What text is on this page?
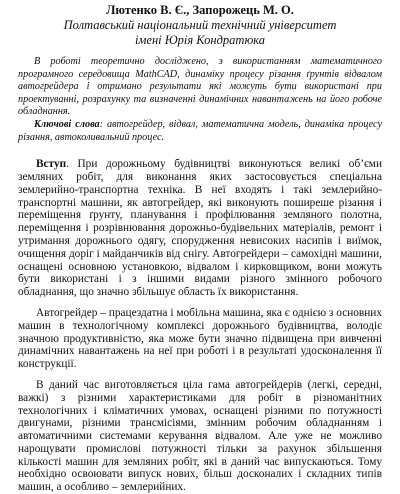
Лютенко В. Є., Запорожець М. О.

Полтавський національний технічний університет

імені Юрія Кондратюка

В роботі теоретично досліджено, з використанням математичного програмного середовища MathCAD, динаміку процесу різання ґрунтів відвалом автогрейдера і отримано результати які можуть бути використані при проектуванні, розрахунку та визначенні динамічних навантажень на його робоче обладнання.

Ключові слова: автогрейдер, відвал, математична модель, динаміка процесу різання, автоколивальний процес.

Вступ. При дорожньому будівництві виконуються великі об’єми земляних робіт, для виконання яких застосовується спеціальна землерийно-транспортна техніка. В неї входять і такі землерийно-транспортні машини, як автогрейдер, які виконують поширеше різання і переміщення ґрунту, планування і профілювання земляного полотна, переміщення і розрівнювання дорожньо-будівельних матеріалів, ремонт і утримання дорожнього одягу, спорудження невисоких насипів і виїмок, очищення доріг і майданчиків від снігу. Автогрейдери – самохідні машини, оснащені основною установкою, відвалом і кирковщиком, вони можуть бути використані і з іншими видами різного змінного робочого обладнання, що значно збільшує область їх використання.

Автогрейдер – працездатна і мобільна машина, яка є однією з основних машин в технологічному комплексі дорожнього будівництва, володіє значною продуктивністю, яка може бути значно підвищена при вивченні динамічних навантажень на неї при роботі і в результаті удосконалення її конструкції.

В даний час виготовляється ціла гама автогрейдерів (легкі, середні, важкі) з різними характеристиками для робіт в різноманітних технологічних і кліматичних умовах, оснащені різними по потужності двигунами, різними трансмісіями, змінним робочим обладнанням і автоматичними системами керування відвалом. Але уже не можливо нарощувати промислові потужності тільки за рахунок збільшення кількості машин для земляних робіт, які в даний час випускаються. Тому необхідно освоювати випуск нових, більш досконалих і складних типів машин, а особливо – землерийних.
